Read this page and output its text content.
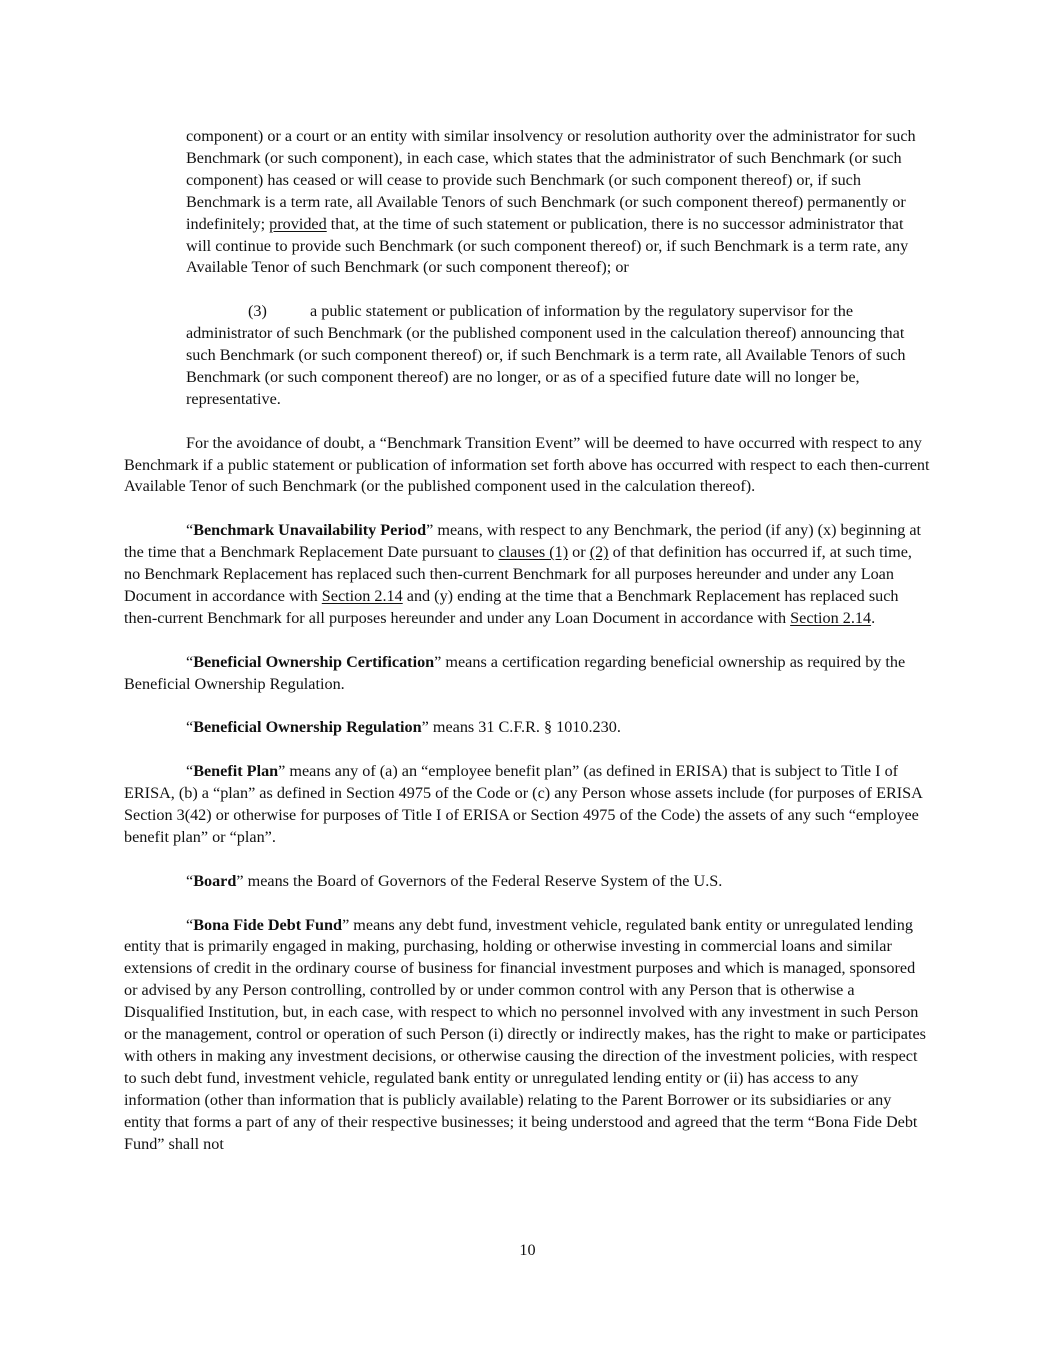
component) or a court or an entity with similar insolvency or resolution authority over the administrator for such Benchmark (or such component), in each case, which states that the administrator of such Benchmark (or such component) has ceased or will cease to provide such Benchmark (or such component thereof) or, if such Benchmark is a term rate, all Available Tenors of such Benchmark (or such component thereof) permanently or indefinitely; provided that, at the time of such statement or publication, there is no successor administrator that will continue to provide such Benchmark (or such component thereof) or, if such Benchmark is a term rate, any Available Tenor of such Benchmark (or such component thereof); or

(3)	a public statement or publication of information by the regulatory supervisor for the administrator of such Benchmark (or the published component used in the calculation thereof) announcing that such Benchmark (or such component thereof) or, if such Benchmark is a term rate, all Available Tenors of such Benchmark (or such component thereof) are no longer, or as of a specified future date will no longer be, representative.

For the avoidance of doubt, a “Benchmark Transition Event” will be deemed to have occurred with respect to any Benchmark if a public statement or publication of information set forth above has occurred with respect to each then-current Available Tenor of such Benchmark (or the published component used in the calculation thereof).

“Benchmark Unavailability Period” means, with respect to any Benchmark, the period (if any) (x) beginning at the time that a Benchmark Replacement Date pursuant to clauses (1) or (2) of that definition has occurred if, at such time, no Benchmark Replacement has replaced such then-current Benchmark for all purposes hereunder and under any Loan Document in accordance with Section 2.14 and (y) ending at the time that a Benchmark Replacement has replaced such then-current Benchmark for all purposes hereunder and under any Loan Document in accordance with Section 2.14.

“Beneficial Ownership Certification” means a certification regarding beneficial ownership as required by the Beneficial Ownership Regulation.

“Beneficial Ownership Regulation” means 31 C.F.R. § 1010.230.

“Benefit Plan” means any of (a) an “employee benefit plan” (as defined in ERISA) that is subject to Title I of ERISA, (b) a “plan” as defined in Section 4975 of the Code or (c) any Person whose assets include (for purposes of ERISA Section 3(42) or otherwise for purposes of Title I of ERISA or Section 4975 of the Code) the assets of any such “employee benefit plan” or “plan”.

“Board” means the Board of Governors of the Federal Reserve System of the U.S.

“Bona Fide Debt Fund” means any debt fund, investment vehicle, regulated bank entity or unregulated lending entity that is primarily engaged in making, purchasing, holding or otherwise investing in commercial loans and similar extensions of credit in the ordinary course of business for financial investment purposes and which is managed, sponsored or advised by any Person controlling, controlled by or under common control with any Person that is otherwise a Disqualified Institution, but, in each case, with respect to which no personnel involved with any investment in such Person or the management, control or operation of such Person (i) directly or indirectly makes, has the right to make or participates with others in making any investment decisions, or otherwise causing the direction of the investment policies, with respect to such debt fund, investment vehicle, regulated bank entity or unregulated lending entity or (ii) has access to any information (other than information that is publicly available) relating to the Parent Borrower or its subsidiaries or any entity that forms a part of any of their respective businesses; it being understood and agreed that the term “Bona Fide Debt Fund” shall not

10
